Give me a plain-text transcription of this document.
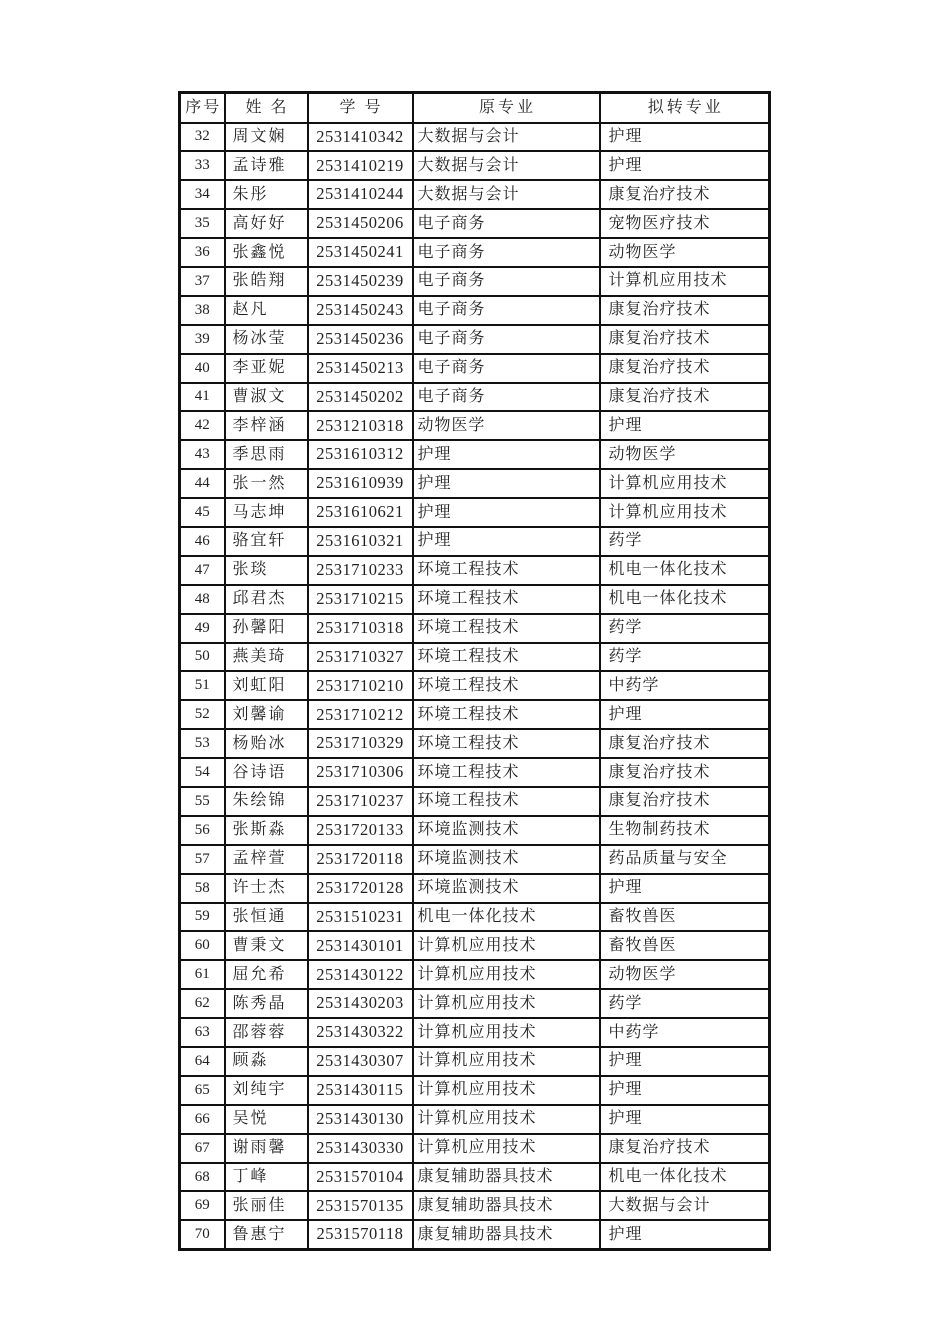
序号	姓名	学号	原专业	拟转专业
32	周文娴	2531410342	大数据与会计	护理
33	孟诗雅	2531410219	大数据与会计	护理
34	朱彤	2531410244	大数据与会计	康复治疗技术
35	高好好	2531450206	电子商务	宠物医疗技术
36	张鑫悦	2531450241	电子商务	动物医学
37	张皓翔	2531450239	电子商务	计算机应用技术
38	赵凡	2531450243	电子商务	康复治疗技术
39	杨冰莹	2531450236	电子商务	康复治疗技术
40	李亚妮	2531450213	电子商务	康复治疗技术
41	曹淑文	2531450202	电子商务	康复治疗技术
42	李梓涵	2531210318	动物医学	护理
43	季思雨	2531610312	护理	动物医学
44	张一然	2531610939	护理	计算机应用技术
45	马志坤	2531610621	护理	计算机应用技术
46	骆宜轩	2531610321	护理	药学
47	张琰	2531710233	环境工程技术	机电一体化技术
48	邱君杰	2531710215	环境工程技术	机电一体化技术
49	孙馨阳	2531710318	环境工程技术	药学
50	燕美琦	2531710327	环境工程技术	药学
51	刘虹阳	2531710210	环境工程技术	中药学
52	刘馨谕	2531710212	环境工程技术	护理
53	杨贻冰	2531710329	环境工程技术	康复治疗技术
54	谷诗语	2531710306	环境工程技术	康复治疗技术
55	朱绘锦	2531710237	环境工程技术	康复治疗技术
56	张斯淼	2531720133	环境监测技术	生物制药技术
57	孟梓萱	2531720118	环境监测技术	药品质量与安全
58	许士杰	2531720128	环境监测技术	护理
59	张恒通	2531510231	机电一体化技术	畜牧兽医
60	曹秉文	2531430101	计算机应用技术	畜牧兽医
61	屈允希	2531430122	计算机应用技术	动物医学
62	陈秀晶	2531430203	计算机应用技术	药学
63	邵蓉蓉	2531430322	计算机应用技术	中药学
64	顾淼	2531430307	计算机应用技术	护理
65	刘纯宇	2531430115	计算机应用技术	护理
66	吴悦	2531430130	计算机应用技术	护理
67	谢雨馨	2531430330	计算机应用技术	康复治疗技术
68	丁峰	2531570104	康复辅助器具技术	机电一体化技术
69	张丽佳	2531570135	康复辅助器具技术	大数据与会计
70	鲁惠宁	2531570118	康复辅助器具技术	护理
